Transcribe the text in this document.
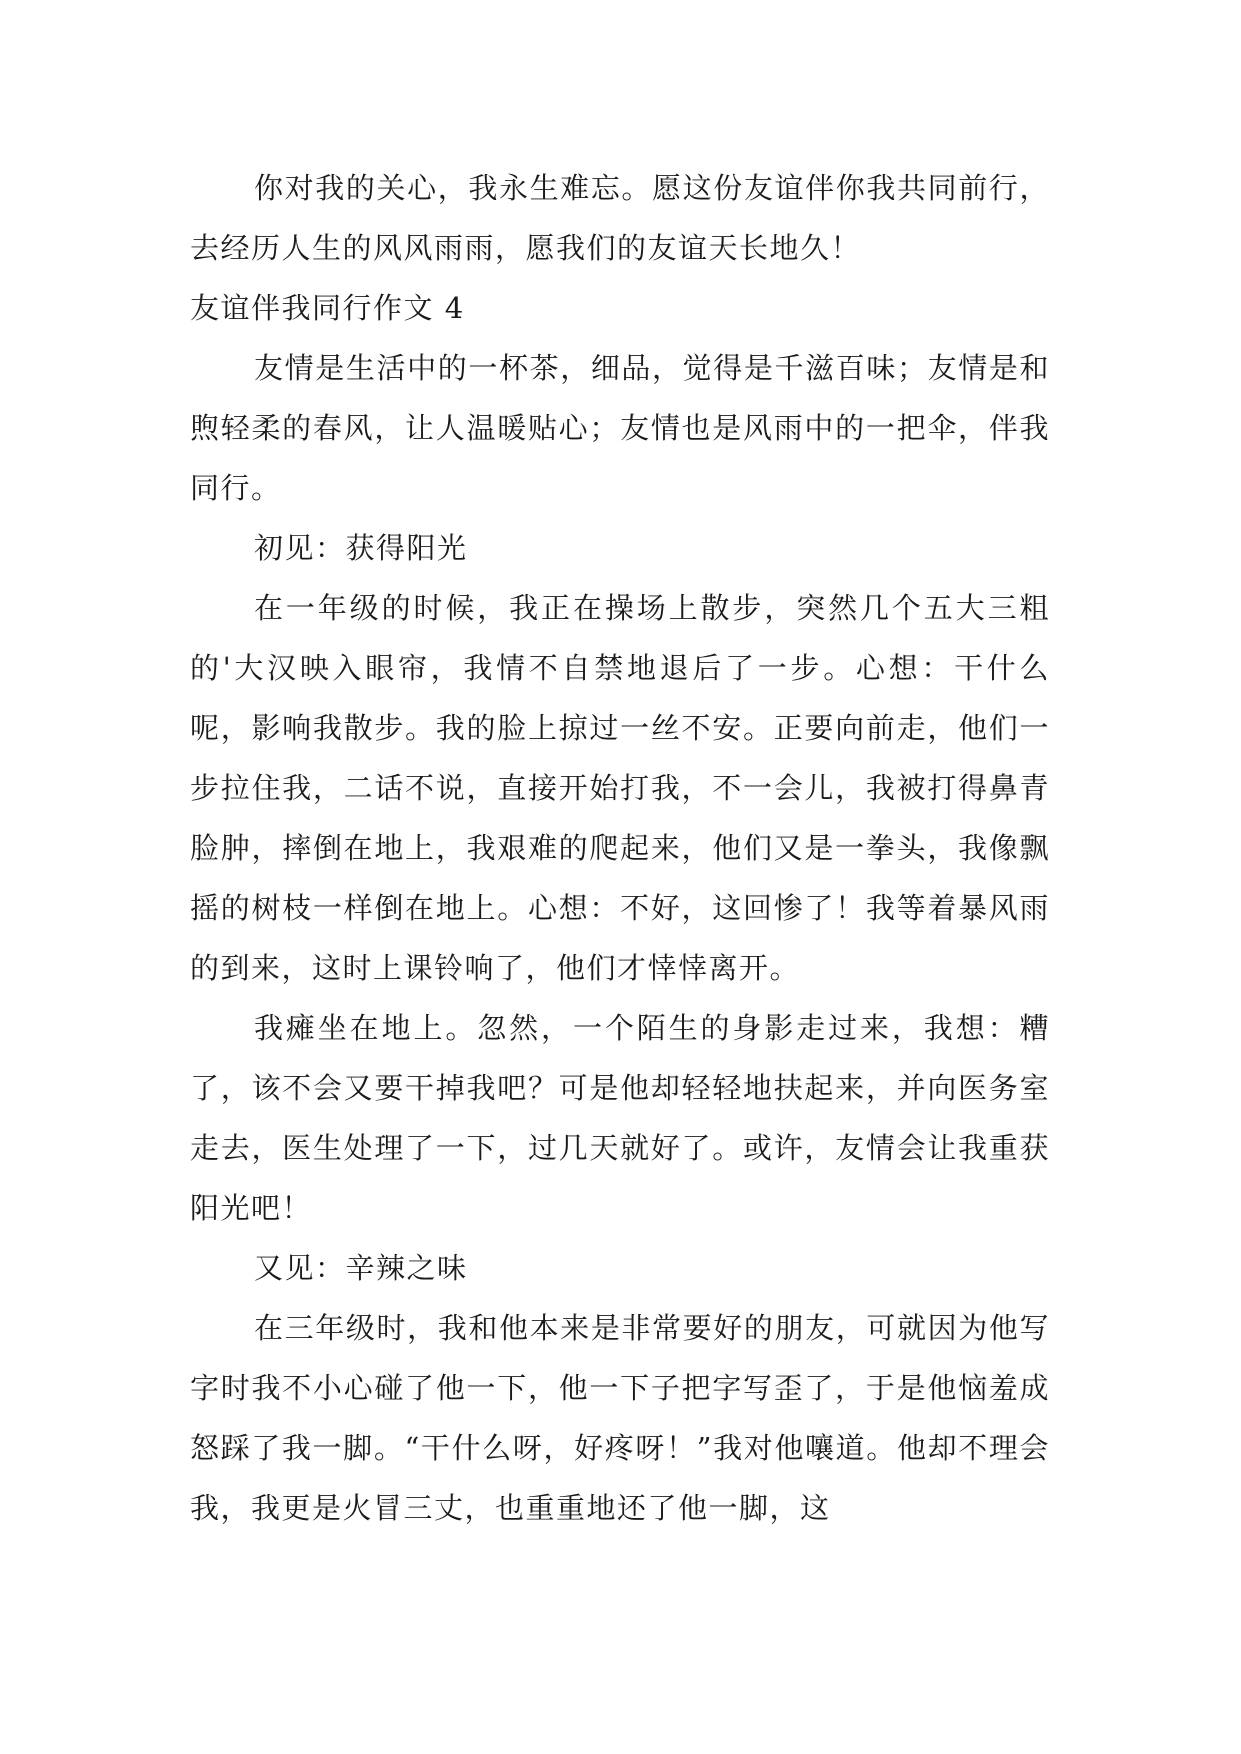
你对我的关心，我永生难忘。愿这份友谊伴你我共同前行，去经历人生的风风雨雨，愿我们的友谊天长地久！

友谊伴我同行作文 4

友情是生活中的一杯茶，细品，觉得是千滋百味；友情是和煦轻柔的春风，让人温暖贴心；友情也是风雨中的一把伞，伴我同行。

初见：获得阳光

在一年级的时候，我正在操场上散步，突然几个五大三粗的'大汉映入眼帘，我情不自禁地退后了一步。心想：干什么呢，影响我散步。我的脸上掠过一丝不安。正要向前走，他们一步拉住我，二话不说，直接开始打我，不一会儿，我被打得鼻青脸肿，摔倒在地上，我艰难的爬起来，他们又是一拳头，我像飘摇的树枝一样倒在地上。心想：不好，这回惨了！我等着暴风雨的到来，这时上课铃响了，他们才悻悻离开。

我瘫坐在地上。忽然，一个陌生的身影走过来，我想：糟了，该不会又要干掉我吧？可是他却轻轻地扶起来，并向医务室走去，医生处理了一下，过几天就好了。或许，友情会让我重获阳光吧！

又见：辛辣之味

在三年级时，我和他本来是非常要好的朋友，可就因为他写字时我不小心碰了他一下，他一下子把字写歪了，于是他恼羞成怒踩了我一脚。“干什么呀，好疼呀！”我对他嚷道。他却不理会我，我更是火冒三丈，也重重地还了他一脚，这
